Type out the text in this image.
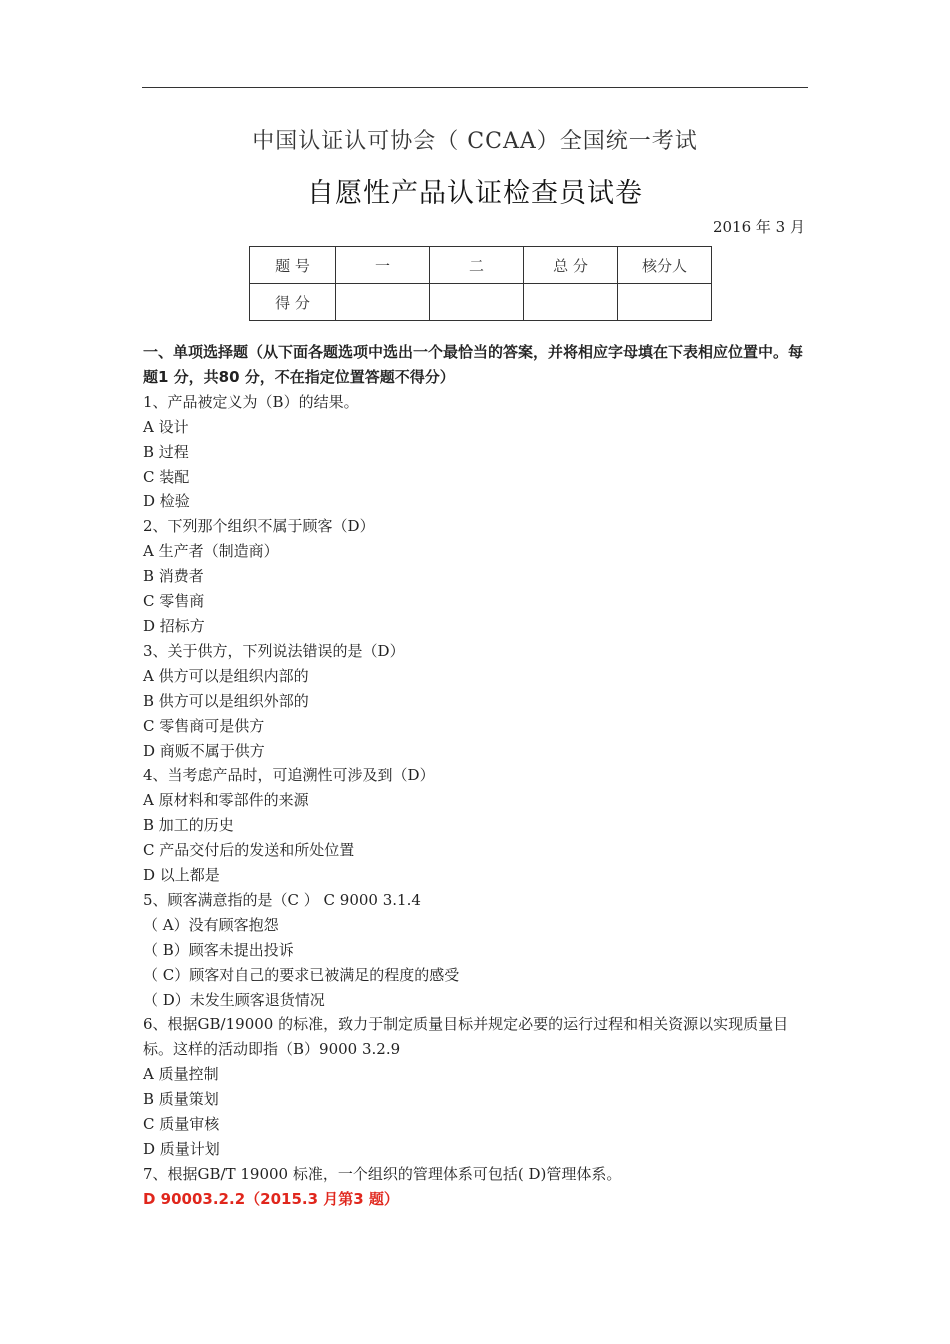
中国认证认可协会（ CCAA）全国统一考试
自愿性产品认证检查员试卷
2016 年 3 月
题 号	一	二	总 分	核分人
得 分				
一、单项选择题（从下面各题选项中选出一个最恰当的答案，并将相应字母填在下表相应位置中。每题1 分，共80 分，不在指定位置答题不得分）
1、产品被定义为（B）的结果。
A 设计
B 过程
C 装配
D 检验
2、下列那个组织不属于顾客（D）
A 生产者（制造商）
B 消费者
C 零售商
D 招标方
3、关于供方，下列说法错误的是（D）
A 供方可以是组织内部的
B 供方可以是组织外部的
C 零售商可是供方
D 商贩不属于供方
4、当考虑产品时，可追溯性可涉及到（D）
A 原材料和零部件的来源
B 加工的历史
C 产品交付后的发送和所处位置
D 以上都是
5、顾客满意指的是（C ） C 9000 3.1.4
（ A）没有顾客抱怨
（ B）顾客未提出投诉
（ C）顾客对自己的要求已被满足的程度的感受
（ D）未发生顾客退货情况
6、根据GB/19000 的标准，致力于制定质量目标并规定必要的运行过程和相关资源以实现质量目标。这样的活动即指（B）9000 3.2.9
A 质量控制
B 质量策划
C 质量审核
D 质量计划
7、根据GB/T 19000 标准，一个组织的管理体系可包括( D)管理体系。
D 90003.2.2（2015.3 月第3 题）
